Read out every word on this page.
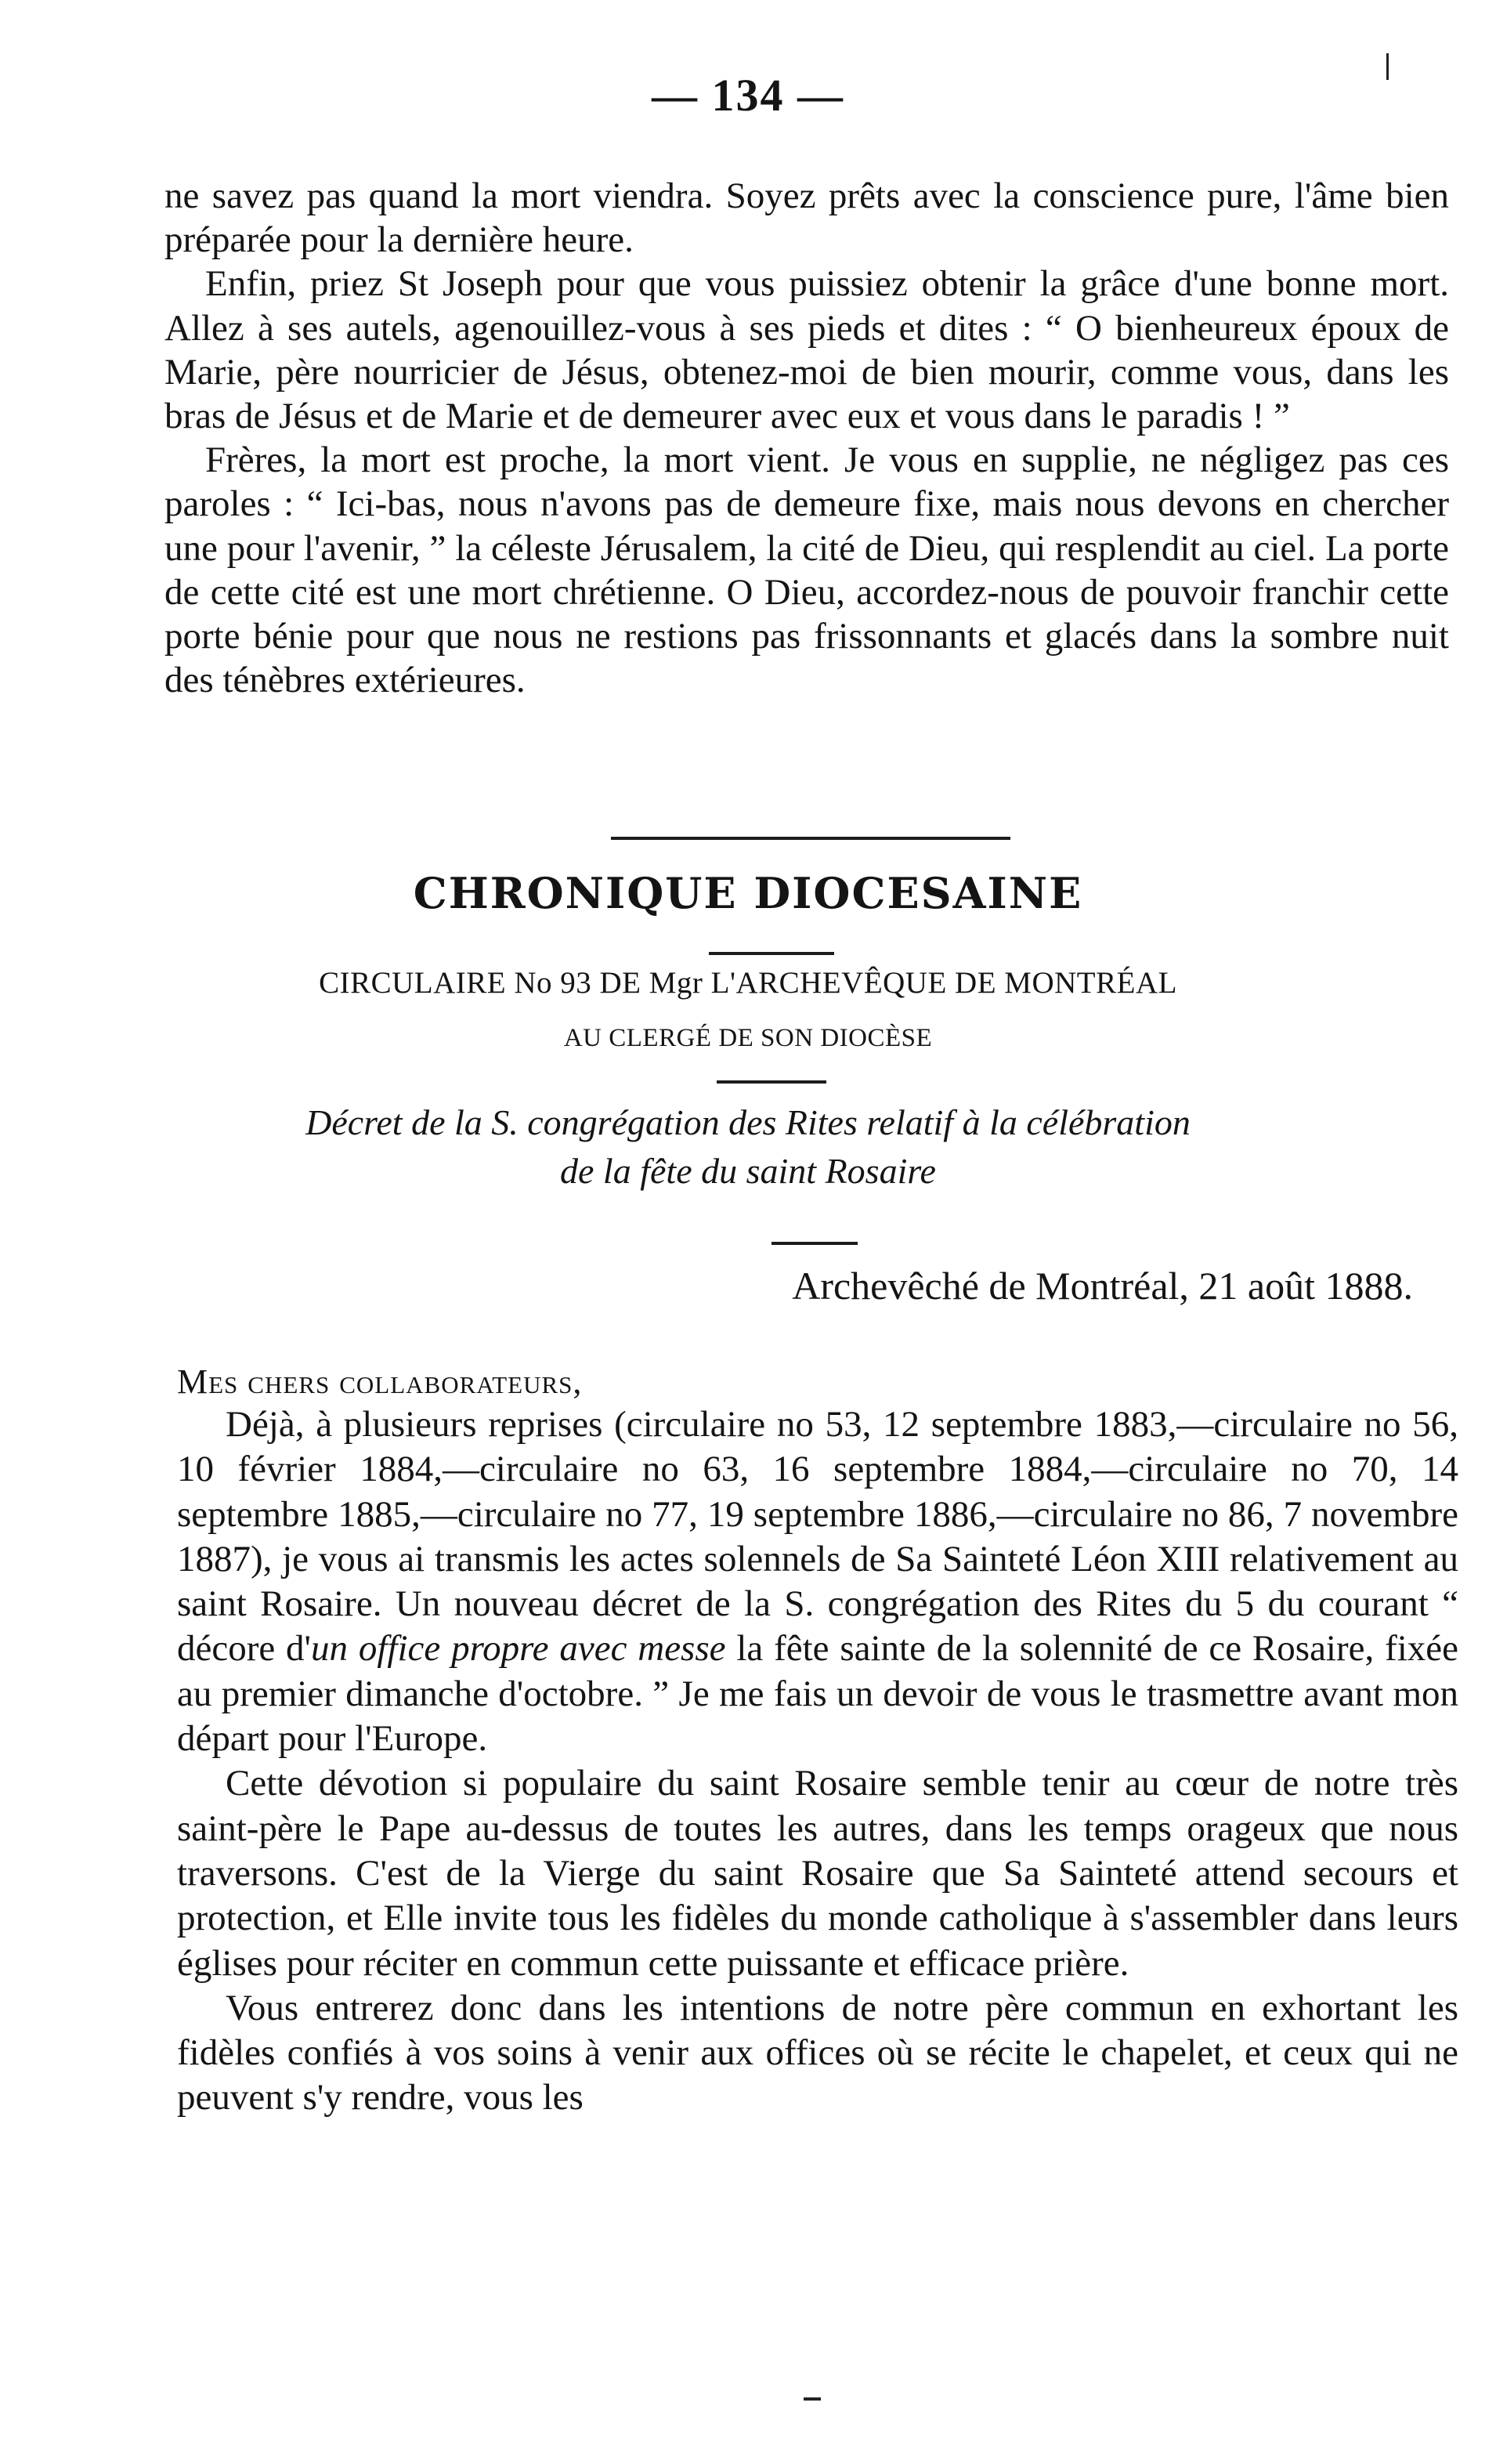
— 134 —

ne savez pas quand la mort viendra. Soyez prêts avec la conscience pure, l'âme bien préparée pour la dernière heure.

Enfin, priez St Joseph pour que vous puissiez obtenir la grâce d'une bonne mort. Allez à ses autels, agenouillez-vous à ses pieds et dites : “ O bienheureux époux de Marie, père nourricier de Jésus, obtenez-moi de bien mourir, comme vous, dans les bras de Jésus et de Marie et de demeurer avec eux et vous dans le paradis ! ”

Frères, la mort est proche, la mort vient. Je vous en supplie, ne négligez pas ces paroles : “ Ici-bas, nous n'avons pas de demeure fixe, mais nous devons en chercher une pour l'avenir, ” la céleste Jérusalem, la cité de Dieu, qui resplendit au ciel. La porte de cette cité est une mort chrétienne. O Dieu, accordez-nous de pouvoir franchir cette porte bénie pour que nous ne restions pas frissonnants et glacés dans la sombre nuit des ténèbres extérieures.

CHRONIQUE DIOCESAINE
CIRCULAIRE No 93 DE Mgr L'ARCHEVÊQUE DE MONTRÉAL
AU CLERGÉ DE SON DIOCÈSE
Décret de la S. congrégation des Rites relatif à la célébration
de la fête du saint Rosaire
Archevêché de Montréal, 21 août 1888.
Mes chers collaborateurs,

Déjà, à plusieurs reprises (circulaire no 53, 12 septembre 1883,—circulaire no 56, 10 février 1884,—circulaire no 63, 16 septembre 1884,—circulaire no 70, 14 septembre 1885,—circulaire no 77, 19 septembre 1886,—circulaire no 86, 7 novembre 1887), je vous ai transmis les actes solennels de Sa Sainteté Léon XIII relativement au saint Rosaire. Un nouveau décret de la S. congrégation des Rites du 5 du courant “ décore d'un office propre avec messe la fête sainte de la solennité de ce Rosaire, fixée au premier dimanche d'octobre. ” Je me fais un devoir de vous le trasmettre avant mon départ pour l'Europe.

Cette dévotion si populaire du saint Rosaire semble tenir au cœur de notre très saint-père le Pape au-dessus de toutes les autres, dans les temps orageux que nous traversons. C'est de la Vierge du saint Rosaire que Sa Sainteté attend secours et protection, et Elle invite tous les fidèles du monde catholique à s'assembler dans leurs églises pour réciter en commun cette puissante et efficace prière.

Vous entrerez donc dans les intentions de notre père commun en exhortant les fidèles confiés à vos soins à venir aux offices où se récite le chapelet, et ceux qui ne peuvent s'y rendre, vous les
